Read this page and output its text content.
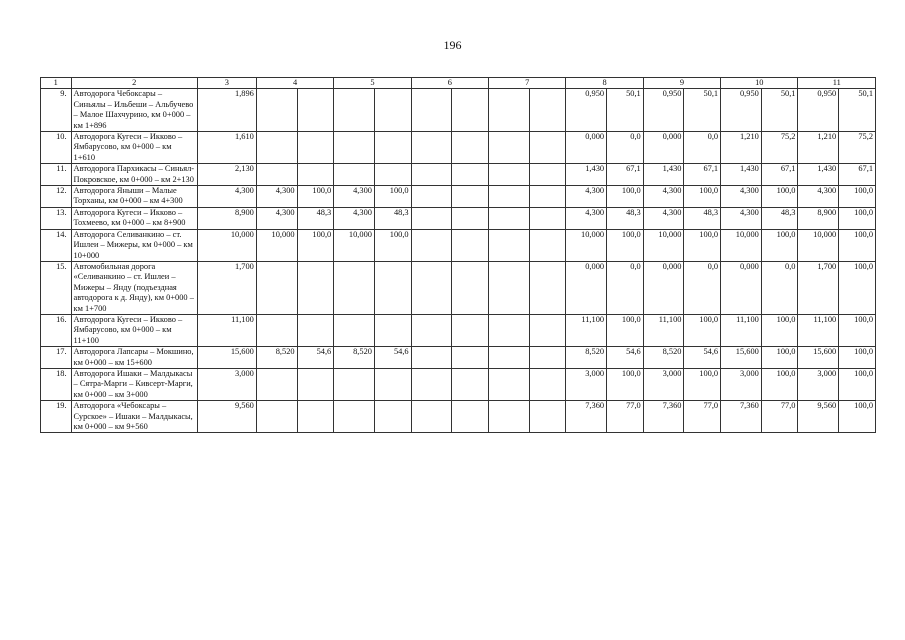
196
1	2	3	4		5		6		7		8		9		10		11	
9.	Автодорога Чебоксары – Синьялы – Ильбеши – Альбучево – Малое Шахчурино, км 0+000 – км 1+896	1,896									0,950	50,1	0,950	50,1	0,950	50,1	0,950	50,1
10.	Автодорога Кугеси – Икково – Ямбарусово, км 0+000 – км 1+610	1,610									0,000	0,0	0,000	0,0	1,210	75,2	1,210	75,2
11.	Автодорога Пархикасы – Синьял-Покровское, км 0+000 – км 2+130	2,130									1,430	67,1	1,430	67,1	1,430	67,1	1,430	67,1
12.	Автодорога Яныши – Малые Торханы, км 0+000 – км 4+300	4,300	4,300	100,0	4,300	100,0					4,300	100,0	4,300	100,0	4,300	100,0	4,300	100,0
13.	Автодорога Кугеси – Икково – Тохмеево, км 0+000 – км 8+900	8,900	4,300	48,3	4,300	48,3					4,300	48,3	4,300	48,3	4,300	48,3	8,900	100,0
14.	Автодорога Селиванкино – ст. Ишлеи – Мижеры, км 0+000 – км 10+000	10,000	10,000	100,0	10,000	100,0					10,000	100,0	10,000	100,0	10,000	100,0	10,000	100,0
15.	Автомобильная дорога «Селиванкино – ст. Ишлеи – Мижеры – Янду (подъездная автодорога к д. Янду), км 0+000 – км 1+700	1,700									0,000	0,0	0,000	0,0	0,000	0,0	1,700	100,0
16.	Автодорога Кугеси – Икково – Ямбарусово, км 0+000 – км 11+100	11,100									11,100	100,0	11,100	100,0	11,100	100,0	11,100	100,0
17.	Автодорога Лапсары – Мокшино, км 0+000 – км 15+600	15,600	8,520	54,6	8,520	54,6					8,520	54,6	8,520	54,6	15,600	100,0	15,600	100,0
18.	Автодорога Ишаки – Малдыкасы – Сятра-Марги – Кивсерт-Марги, км 0+000 – км 3+000	3,000									3,000	100,0	3,000	100,0	3,000	100,0	3,000	100,0
19.	Автодорога «Чебоксары – Сурское» – Ишаки – Малдыкасы, км 0+000 – км 9+560	9,560									7,360	77,0	7,360	77,0	7,360	77,0	9,560	100,0
